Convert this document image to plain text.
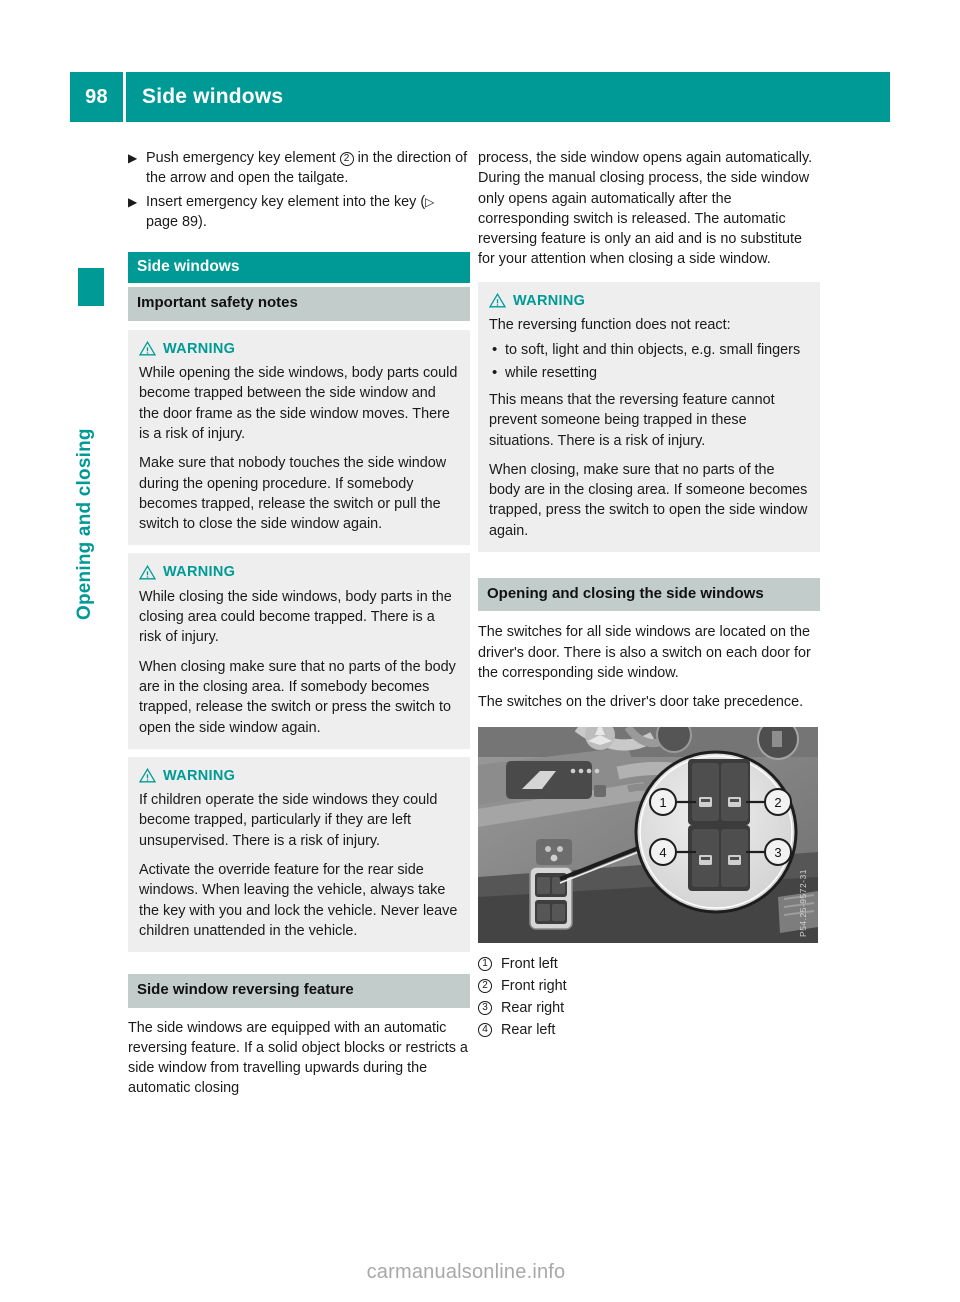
98	Side windows
Opening and closing
▶ Push emergency key element 2 in the direction of the arrow and open the tailgate.
▶ Insert emergency key element into the key (▷ page 89).
Side windows
Important safety notes
WARNING

While opening the side windows, body parts could become trapped between the side window and the door frame as the side window moves. There is a risk of injury.

Make sure that nobody touches the side window during the opening procedure. If somebody becomes trapped, release the switch or pull the switch to close the side window again.

WARNING

While closing the side windows, body parts in the closing area could become trapped. There is a risk of injury.

When closing make sure that no parts of the body are in the closing area. If somebody becomes trapped, release the switch or press the switch to open the side window again.

WARNING

If children operate the side windows they could become trapped, particularly if they are left unsupervised. There is a risk of injury.

Activate the override feature for the rear side windows. When leaving the vehicle, always take the key with you and lock the vehicle. Never leave children unattended in the vehicle.

Side window reversing feature

The side windows are equipped with an automatic reversing feature. If a solid object blocks or restricts a side window from travelling upwards during the automatic closing

process, the side window opens again automatically. During the manual closing process, the side window only opens again automatically after the corresponding switch is released. The automatic reversing feature is only an aid and is no substitute for your attention when closing a side window.

WARNING

The reversing function does not react:

• to soft, light and thin objects, e.g. small fingers
• while resetting

This means that the reversing feature cannot prevent someone being trapped in these situations. There is a risk of injury.

When closing, make sure that no parts of the body are in the closing area. If someone becomes trapped, press the switch to open the side window again.

Opening and closing the side windows

The switches for all side windows are located on the driver's door. There is also a switch on each door for the corresponding side window.

The switches on the driver's door take precedence.

1	2
3
4
P54.25-9572-31
1 Front left
2 Front right
3 Rear right
4 Rear left
carmanualsonline.info
